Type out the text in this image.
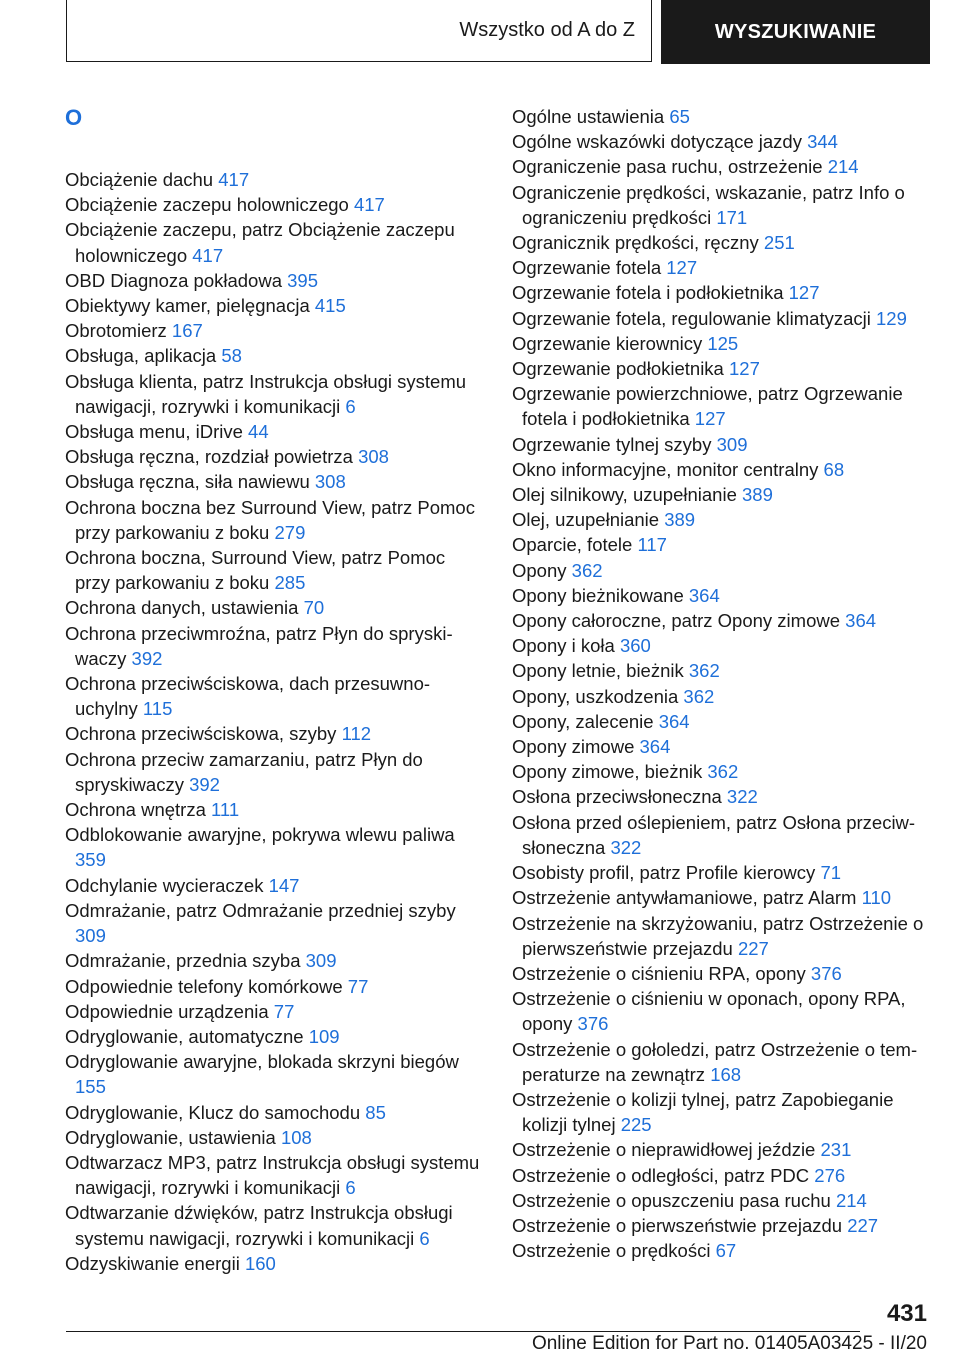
Wszystko od A do Z	WYSZUKIWANIE
O
Obciążenie dachu 417
Obciążenie zaczepu holowniczego 417
Obciążenie zaczepu, patrz Obciążenie zaczepu holowniczego 417
OBD Diagnoza pokładowa 395
Obiektywy kamer, pielęgnacja 415
Obrotomierz 167
Obsługa, aplikacja 58
Obsługa klienta, patrz Instrukcja obsługi systemu nawigacji, rozrywki i komunikacji 6
Obsługa menu, iDrive 44
Obsługa ręczna, rozdział powietrza 308
Obsługa ręczna, siła nawiewu 308
Ochrona boczna bez Surround View, patrz Pomoc przy parkowaniu z boku 279
Ochrona boczna, Surround View, patrz Pomoc przy parkowaniu z boku 285
Ochrona danych, ustawienia 70
Ochrona przeciwmroźna, patrz Płyn do spryskiwaczy 392
Ochrona przeciwściskowa, dach przesuwnouchylny 115
Ochrona przeciwściskowa, szyby 112
Ochrona przeciw zamarzaniu, patrz Płyn do spryskiwaczy 392
Ochrona wnętrza 111
Odblokowanie awaryjne, pokrywa wlewu paliwa 359
Odchylanie wycieraczek 147
Odmrażanie, patrz Odmrażanie przedniej szyby 309
Odmrażanie, przednia szyba 309
Odpowiednie telefony komórkowe 77
Odpowiednie urządzenia 77
Odryglowanie, automatyczne 109
Odryglowanie awaryjne, blokada skrzyni biegów 155
Odryglowanie, Klucz do samochodu 85
Odryglowanie, ustawienia 108
Odtwarzacz MP3, patrz Instrukcja obsługi systemu nawigacji, rozrywki i komunikacji 6
Odtwarzanie dźwięków, patrz Instrukcja obsługi systemu nawigacji, rozrywki i komunikacji 6
Odzyskiwanie energii 160
Ogólne ustawienia 65
Ogólne wskazówki dotyczące jazdy 344
Ograniczenie pasa ruchu, ostrzeżenie 214
Ograniczenie prędkości, wskazanie, patrz Info o ograniczeniu prędkości 171
Ogranicznik prędkości, ręczny 251
Ogrzewanie fotela 127
Ogrzewanie fotela i podłokietnika 127
Ogrzewanie fotela, regulowanie klimatyzacji 129
Ogrzewanie kierownicy 125
Ogrzewanie podłokietnika 127
Ogrzewanie powierzchniowe, patrz Ogrzewanie fotela i podłokietnika 127
Ogrzewanie tylnej szyby 309
Okno informacyjne, monitor centralny 68
Olej silnikowy, uzupełnianie 389
Olej, uzupełnianie 389
Oparcie, fotele 117
Opony 362
Opony bieżnikowane 364
Opony całoroczne, patrz Opony zimowe 364
Opony i koła 360
Opony letnie, bieżnik 362
Opony, uszkodzenia 362
Opony, zalecenie 364
Opony zimowe 364
Opony zimowe, bieżnik 362
Osłona przeciwsłoneczna 322
Osłona przed oślepieniem, patrz Osłona przeciwsłoneczna 322
Osobisty profil, patrz Profile kierowcy 71
Ostrzeżenie antywłamaniowe, patrz Alarm 110
Ostrzeżenie na skrzyżowaniu, patrz Ostrzeżenie o pierwszeństwie przejazdu 227
Ostrzeżenie o ciśnieniu RPA, opony 376
Ostrzeżenie o ciśnieniu w oponach, opony RPA, opony 376
Ostrzeżenie o gołoledzi, patrz Ostrzeżenie o temperaturze na zewnątrz 168
Ostrzeżenie o kolizji tylnej, patrz Zapobieganie kolizji tylnej 225
Ostrzeżenie o nieprawidłowej jeździe 231
Ostrzeżenie o odległości, patrz PDC 276
Ostrzeżenie o opuszczeniu pasa ruchu 214
Ostrzeżenie o pierwszeństwie przejazdu 227
Ostrzeżenie o prędkości 67
431
Online Edition for Part no. 01405A03425 - II/20
